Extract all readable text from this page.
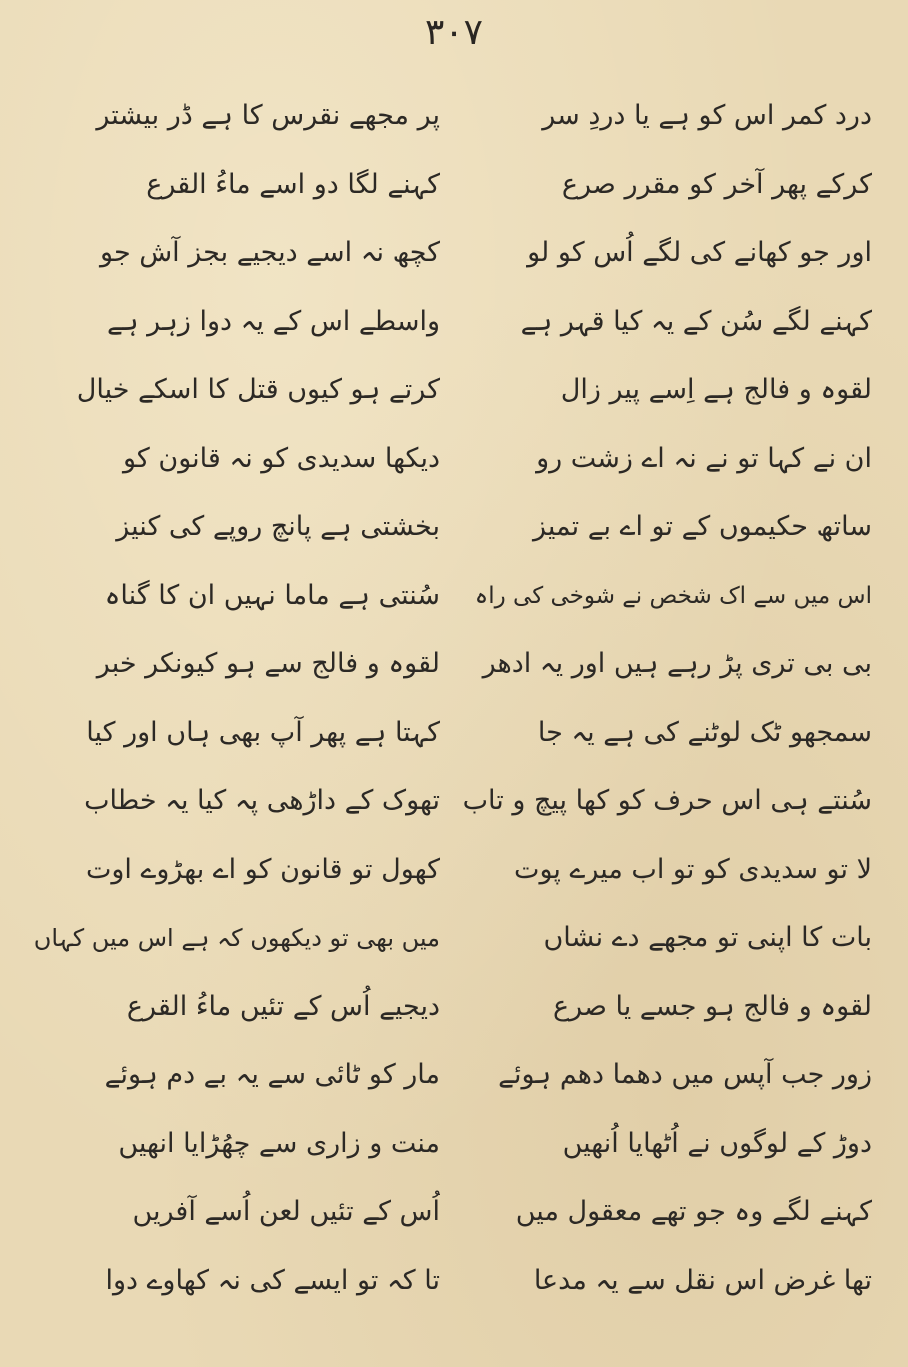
۳۰۷
درد کمر اس کو ہے یا دردِ سر
کرکے پھر آخر کو مقرر صرع
اور جو کھانے کی لگے اُس کو لو
کہنے لگے سُن کے یہ کیا قہر ہے
لقوہ و فالج ہے اِسے پیر زال
ان نے کہا تو نے نہ اے زشت رو
ساتھ حکیموں کے تو اے بے تمیز
اس میں سے اک شخص نے شوخی کی راہ
بی بی تری پڑ رہے ہیں اور یہ ادھر
سمجھو ٹک لوٹنے کی ہے یہ جا
سُنتے ہی اس حرف کو کھا پیچ و تاب
لا تو سدیدی کو تو اب میرے پوت
بات کا اپنی تو مجھے دے نشاں
لقوہ و فالج ہو جسے یا صرع
زور جب آپس میں دھما دھم ہوئے
دوڑ کے لوگوں نے اُٹھایا اُنھیں
کہنے لگے وہ جو تھے معقول میں
تھا غرض اس نقل سے یہ مدعا
پر مجھے نقرس کا ہے ڈر بیشتر
کہنے لگا دو اسے ماءُ القرع
کچھ نہ اسے دیجیے بجز آش جو
واسطے اس کے یہ دوا زہر ہے
کرتے ہو کیوں قتل کا اسکے خیال
دیکھا سدیدی کو نہ قانون کو
بخشتی ہے پانچ روپے کی کنیز
سُنتی ہے ماما نہیں ان کا گناہ
لقوہ و فالج سے ہو کیونکر خبر
کہتا ہے پھر آپ بھی ہاں اور کیا
تھوک کے داڑھی پہ کیا یہ خطاب
کھول تو قانون کو اے بھڑوے اوت
میں بھی تو دیکھوں کہ ہے اس میں کہاں
دیجیے اُس کے تئیں ماءُ القرع
مار کو ٹائی سے یہ بے دم ہوئے
منت و زاری سے چھُڑایا انھیں
اُس کے تئیں لعن اُسے آفریں
تا کہ تو ایسے کی نہ کھاوے دوا
